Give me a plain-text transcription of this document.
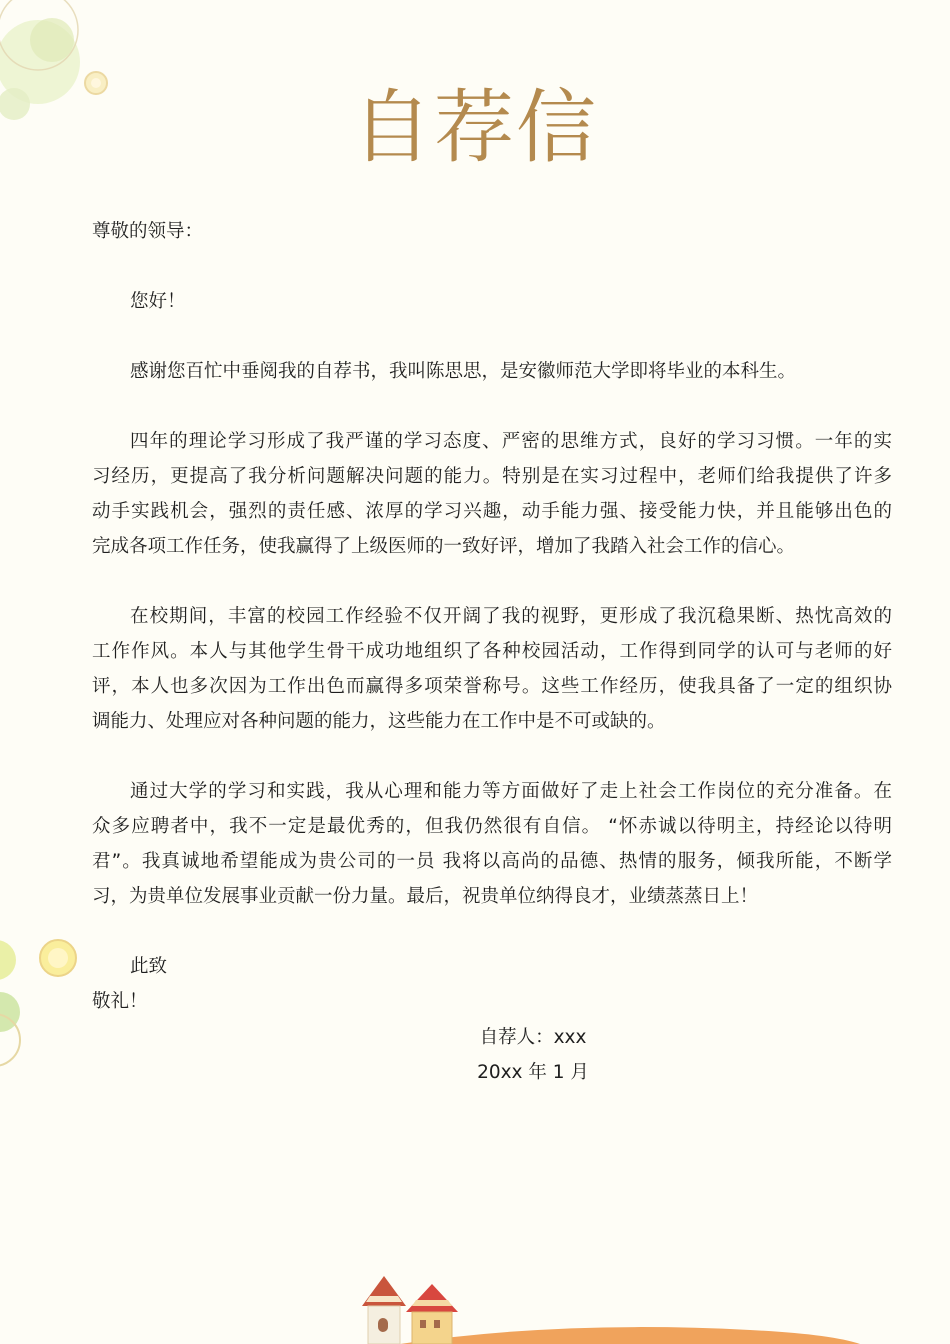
自荐信

尊敬的领导：

您好！

感谢您百忙中垂阅我的自荐书，我叫陈思思，是安徽师范大学即将毕业的本科生。

四年的理论学习形成了我严谨的学习态度、严密的思维方式，良好的学习习惯。一年的实

习经历，更提高了我分析问题解决问题的能力。特别是在实习过程中，老师们给我提供了许多

动手实践机会，强烈的责任感、浓厚的学习兴趣，动手能力强、接受能力快，并且能够出色的

完成各项工作任务，使我赢得了上级医师的一致好评，增加了我踏入社会工作的信心。

在校期间，丰富的校园工作经验不仅开阔了我的视野，更形成了我沉稳果断、热忱高效的

工作作风。本人与其他学生骨干成功地组织了各种校园活动，工作得到同学的认可与老师的好

评，本人也多次因为工作出色而赢得多项荣誉称号。这些工作经历，使我具备了一定的组织协

调能力、处理应对各种问题的能力，这些能力在工作中是不可或缺的。

通过大学的学习和实践，我从心理和能力等方面做好了走上社会工作岗位的充分准备。在

众多应聘者中，我不一定是最优秀的，但我仍然很有自信。 “怀赤诚以待明主，持经论以待明

君”。我真诚地希望能成为贵公司的一员 我将以高尚的品德、热情的服务，倾我所能，不断学

习，为贵单位发展事业贡献一份力量。最后，祝贵单位纳得良才，业绩蒸蒸日上！

此致

敬礼！

自荐人：xxx

20xx 年 1 月
